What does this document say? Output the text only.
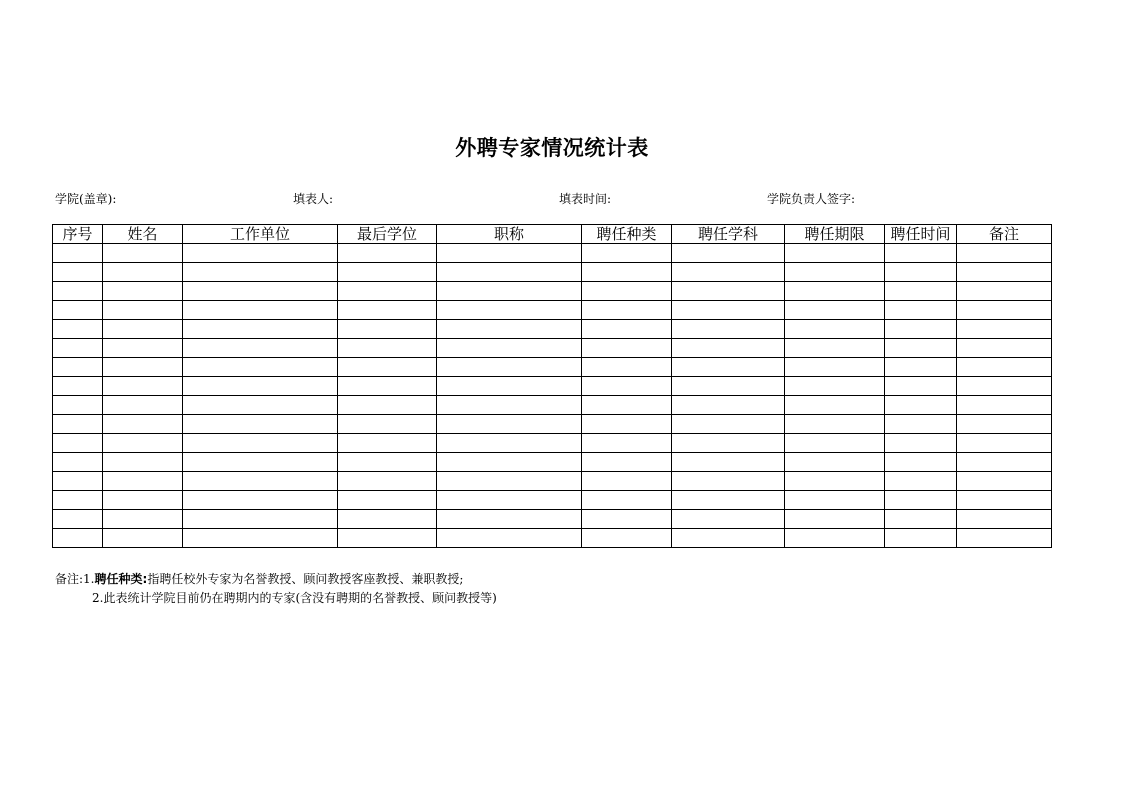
外聘专家情况统计表
学院(盖章):	填表人:	填表时间:	学院负责人签字:
序号	姓名	工作单位	最后学位	职称	聘任种类	聘任学科	聘任期限	聘任时间	备注

备注:1.聘任种类:指聘任校外专家为名誉教授、顾问教授客座教授、兼职教授;
2.此表统计学院目前仍在聘期内的专家(含没有聘期的名誉教授、顾问教授等)
